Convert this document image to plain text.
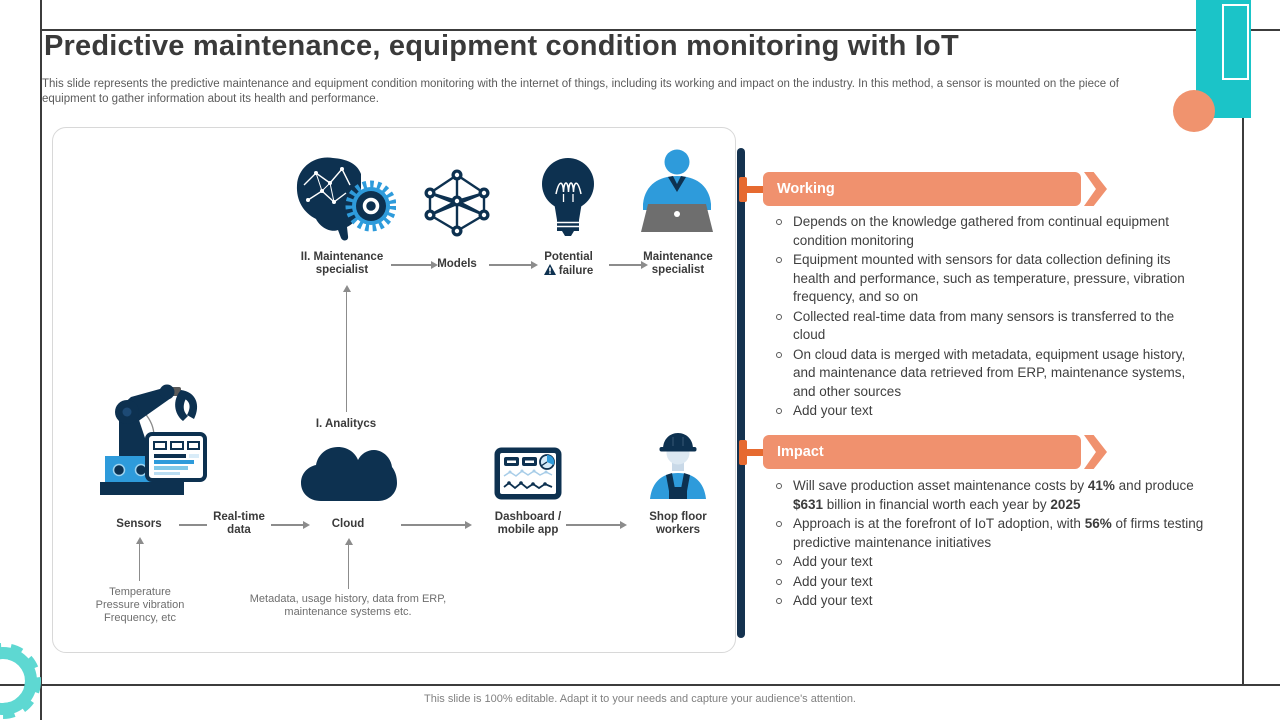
Predictive maintenance, equipment condition monitoring with IoT
This slide represents the predictive maintenance and equipment condition monitoring with the internet of things, including its working and impact on the industry. In this method, a sensor is mounted on the piece of equipment to gather information about its health and performance.
II. Maintenance specialist	Models
Potential
failure
Maintenance specialist
I. Analitycs
Sensors
Real-time data	Cloud
Dashboard / mobile app
Shop floor workers
Temperature Pressure vibration Frequency, etc
Metadata, usage history, data from ERP, maintenance systems etc.
Working
Depends on the knowledge gathered from continual equipment condition monitoring
Equipment mounted with sensors for data collection defining its health and performance, such as temperature, pressure, vibration frequency, and so on
Collected real-time data from many sensors is transferred to the cloud
On cloud data is merged with metadata, equipment usage history, and maintenance data retrieved from ERP, maintenance systems, and other sources
Add your text
Impact
Will save production asset maintenance costs by 41% and produce $631 billion in financial worth each year by 2025
Approach is at the forefront of IoT adoption, with 56% of firms testing predictive maintenance initiatives
Add your text
Add your text
Add your text
This slide is 100% editable. Adapt it to your needs and capture your audience's attention.
